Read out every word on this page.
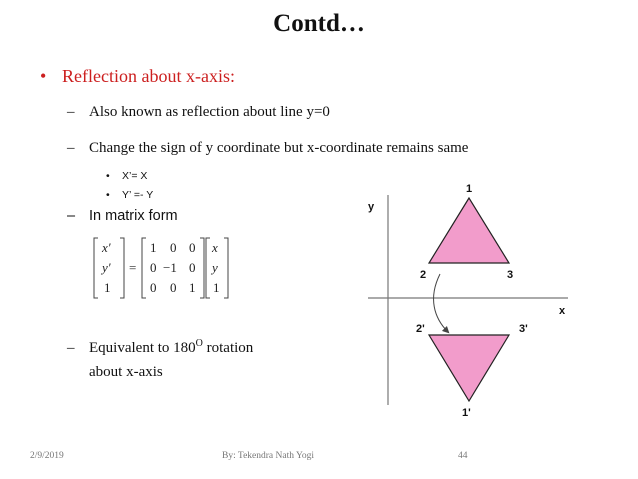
Contd…
• Reflection about x-axis:
– Also known as reflection about line y=0
– Change the sign of y coordinate but x-coordinate remains same
• X’= X
• Y’ =- Y
– In matrix form
x′
y′
1
=
1 0 0
0 −1 0
0 0 1
x
y
1
– Equivalent to $180^O$ rotation
about x-axis
y
x
1
2	3
2'	3'
1'
2/9/2019	By: Tekendra Nath Yogi	44
